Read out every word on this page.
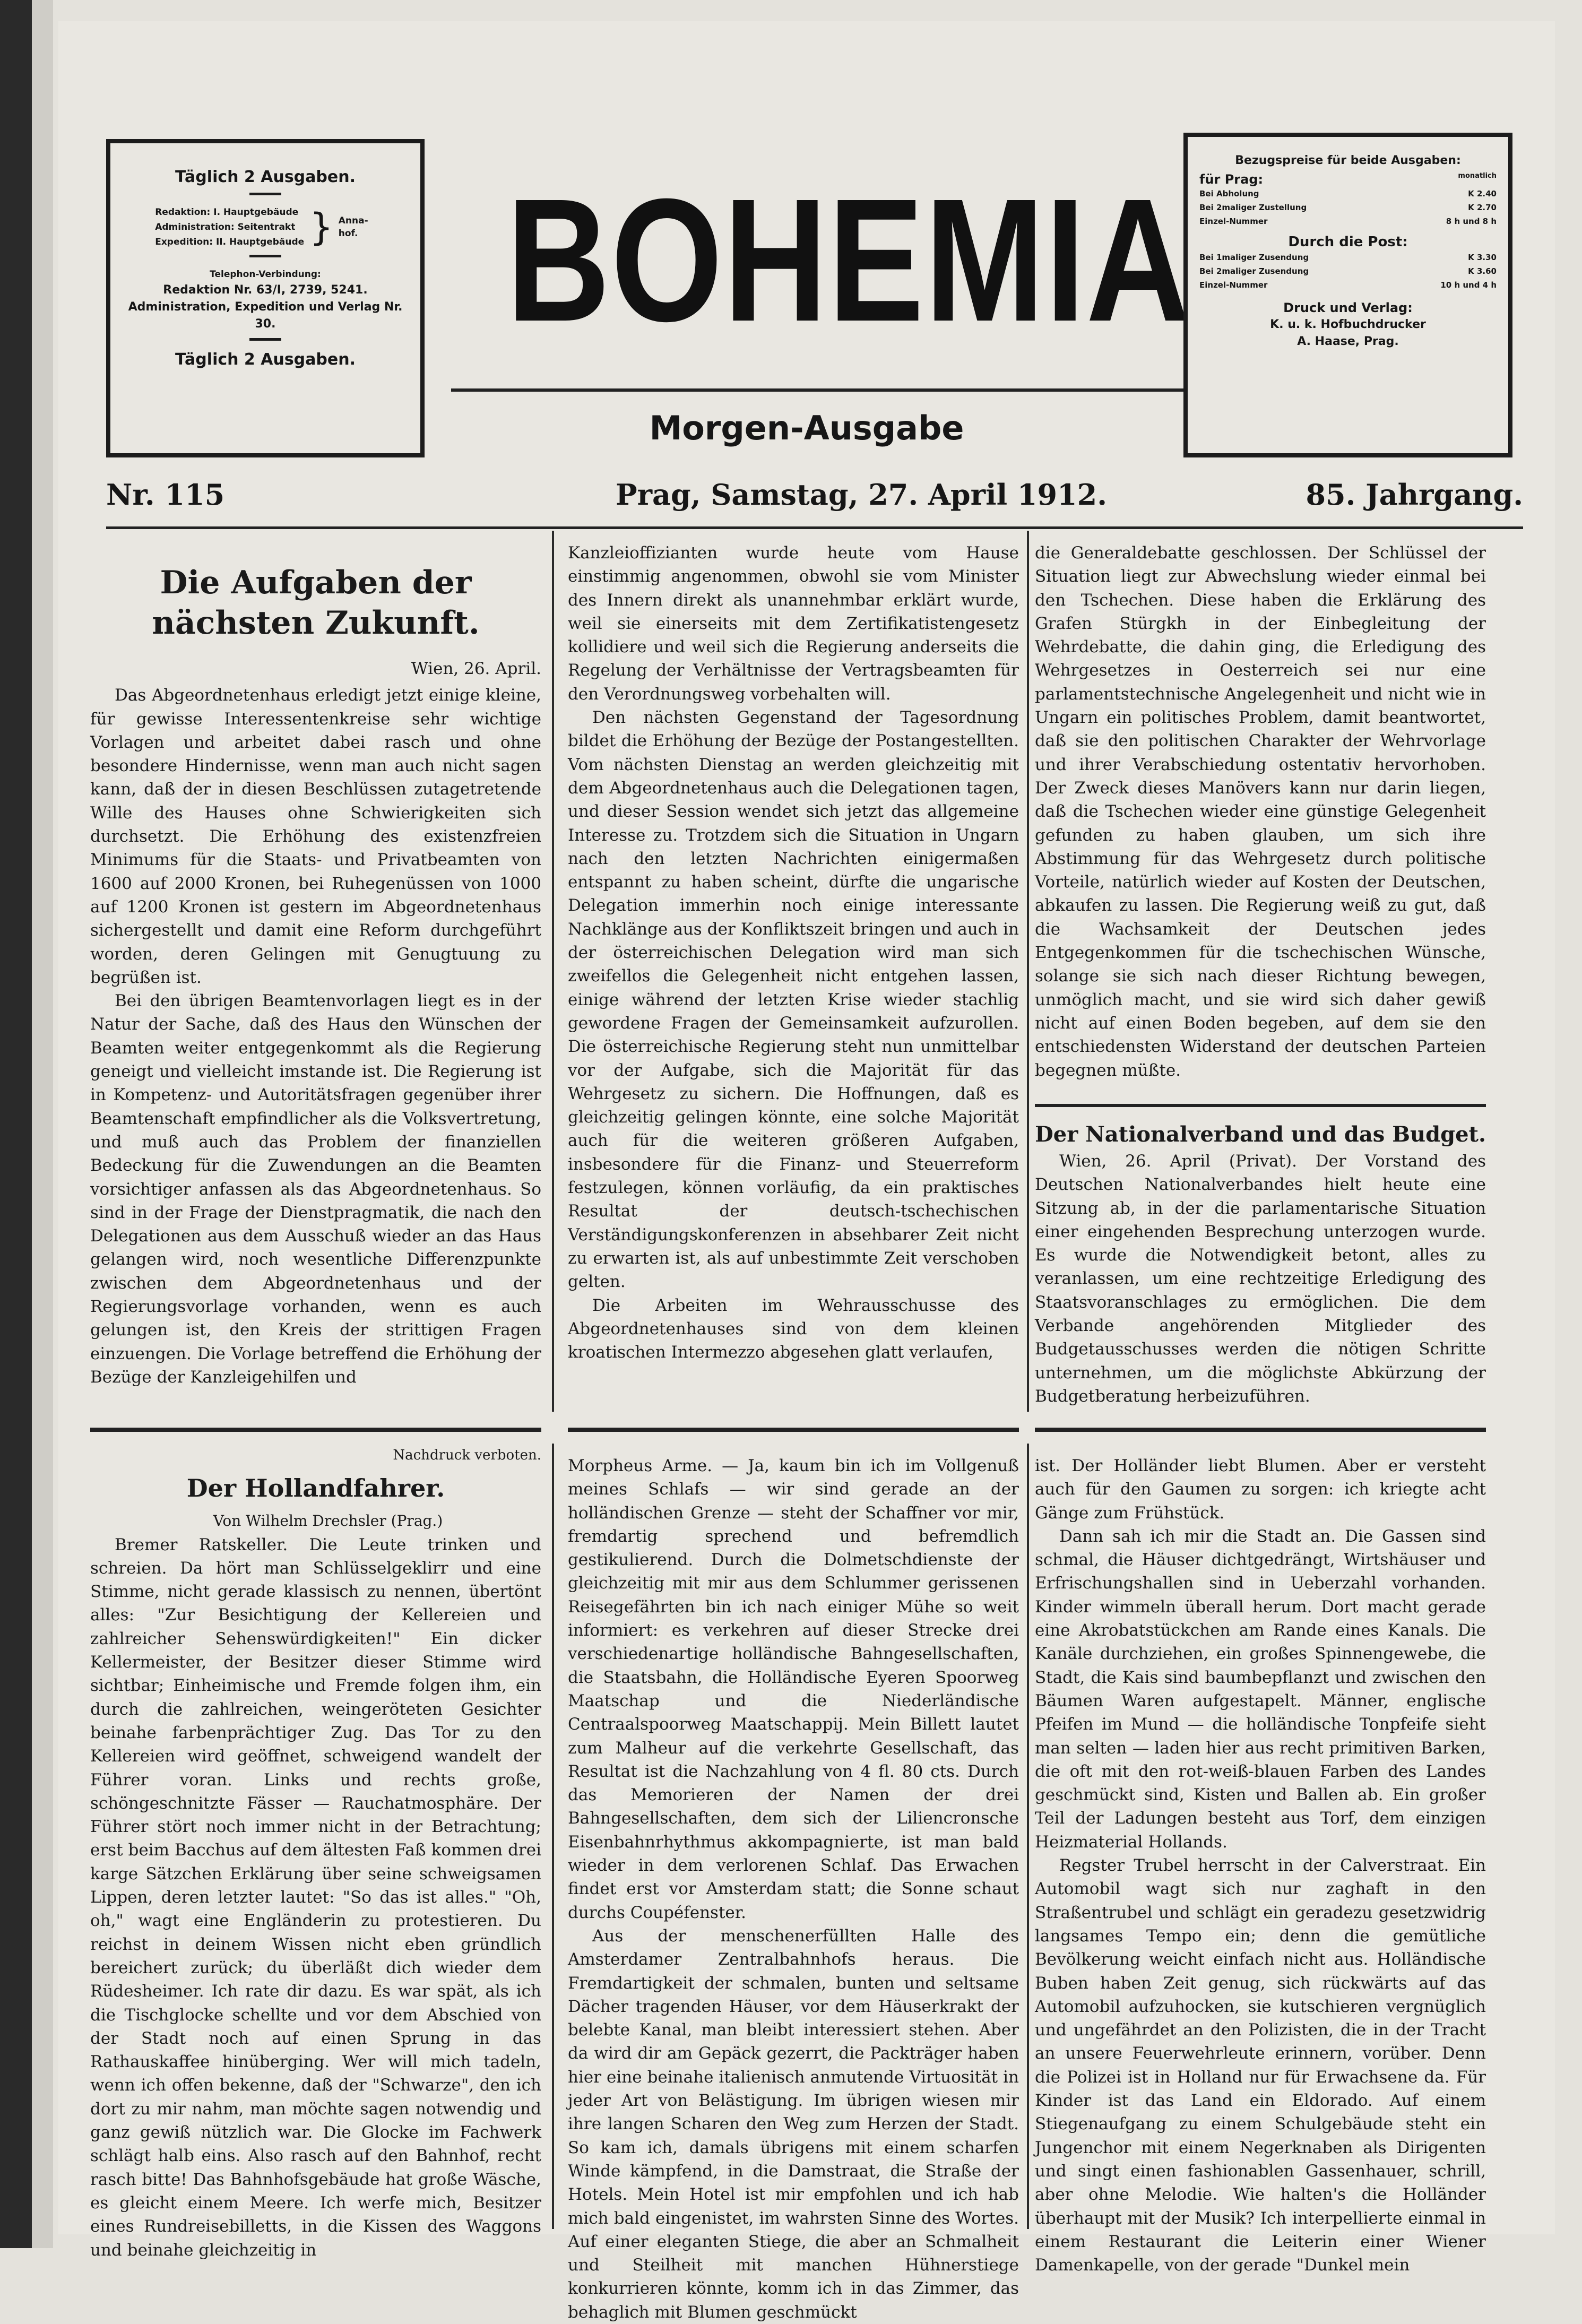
Täglich 2 Ausgaben.
Redaktion: I. Hauptgebäude
Administration: Seitentrakt
Expedition: II. Hauptgebäude } Anna-hof.
Telephon-Verbindung:
Redaktion Nr. 63/I, 2739, 5241.
Administration, Expedition und Verlag Nr. 30.
Täglich 2 Ausgaben.
BOHEMIA
Morgen-Ausgabe
Bezugspreise für beide Ausgaben:
für Prag:	monatlich
Bei Abholung	K 2.40
Bei 2maliger Zustellung	K 2.70
Einzel-Nummer	8 h und 8 h
Durch die Post:
Bei 1maliger Zusendung	K 3.30
Bei 2maliger Zusendung	K 3.60
Einzel-Nummer	10 h und 4 h
Druck und Verlag:
K. u. k. Hofbuchdrucker
A. Haase, Prag.
Nr. 115	Prag, Samstag, 27. April 1912.	85. Jahrgang.
Die Aufgaben der nächsten Zukunft.

Wien, 26. April.

Das Abgeordnetenhaus erledigt jetzt einige kleine, für gewisse Interessentenkreise sehr wichtige Vorlagen und arbeitet dabei rasch und ohne besondere Hindernisse, wenn man auch nicht sagen kann, daß der in diesen Beschlüssen zutagetretende Wille des Hauses ohne Schwierigkeiten sich durchsetzt. Die Erhöhung des existenzfreien Minimums für die Staats- und Privatbeamten von 1600 auf 2000 Kronen, bei Ruhegenüssen von 1000 auf 1200 Kronen ist gestern im Abgeordnetenhaus sichergestellt und damit eine Reform durchgeführt worden, deren Gelingen mit Genugtuung zu begrüßen ist.

Bei den übrigen Beamtenvorlagen liegt es in der Natur der Sache, daß des Haus den Wünschen der Beamten weiter entgegenkommt als die Regierung geneigt und vielleicht imstande ist. Die Regierung ist in Kompetenz- und Autoritätsfragen gegenüber ihrer Beamtenschaft empfindlicher als die Volksvertretung, und muß auch das Problem der finanziellen Bedeckung für die Zuwendungen an die Beamten vorsichtiger anfassen als das Abgeordnetenhaus. So sind in der Frage der Dienstpragmatik, die nach den Delegationen aus dem Ausschuß wieder an das Haus gelangen wird, noch wesentliche Differenzpunkte zwischen dem Abgeordnetenhaus und der Regierungsvorlage vorhanden, wenn es auch gelungen ist, den Kreis der strittigen Fragen einzuengen. Die Vorlage betreffend die Erhöhung der Bezüge der Kanzleigehilfen und

Kanzleioffizianten wurde heute vom Hause einstimmig angenommen, obwohl sie vom Minister des Innern direkt als unannehmbar erklärt wurde, weil sie einerseits mit dem Zertifikatistengesetz kollidiere und weil sich die Regierung anderseits die Regelung der Verhältnisse der Vertragsbeamten für den Verordnungsweg vorbehalten will.

Den nächsten Gegenstand der Tagesordnung bildet die Erhöhung der Bezüge der Postangestellten. Vom nächsten Dienstag an werden gleichzeitig mit dem Abgeordnetenhaus auch die Delegationen tagen, und dieser Session wendet sich jetzt das allgemeine Interesse zu. Trotzdem sich die Situation in Ungarn nach den letzten Nachrichten einigermaßen entspannt zu haben scheint, dürfte die ungarische Delegation immerhin noch einige interessante Nachklänge aus der Konfliktszeit bringen und auch in der österreichischen Delegation wird man sich zweifellos die Gelegenheit nicht entgehen lassen, einige während der letzten Krise wieder stachlig gewordene Fragen der Gemeinsamkeit aufzurollen. Die österreichische Regierung steht nun unmittelbar vor der Aufgabe, sich die Majorität für das Wehrgesetz zu sichern. Die Hoffnungen, daß es gleichzeitig gelingen könnte, eine solche Majorität auch für die weiteren größeren Aufgaben, insbesondere für die Finanz- und Steuerreform festzulegen, können vorläufig, da ein praktisches Resultat der deutsch-tschechischen Verständigungskonferenzen in absehbarer Zeit nicht zu erwarten ist, als auf unbestimmte Zeit verschoben gelten.

Die Arbeiten im Wehrausschusse des Abgeordnetenhauses sind von dem kleinen kroatischen Intermezzo abgesehen glatt verlaufen,

die Generaldebatte geschlossen. Der Schlüssel der Situation liegt zur Abwechslung wieder einmal bei den Tschechen. Diese haben die Erklärung des Grafen Stürgkh in der Einbegleitung der Wehrdebatte, die dahin ging, die Erledigung des Wehrgesetzes in Oesterreich sei nur eine parlamentstechnische Angelegenheit und nicht wie in Ungarn ein politisches Problem, damit beantwortet, daß sie den politischen Charakter der Wehrvorlage und ihrer Verabschiedung ostentativ hervorhoben. Der Zweck dieses Manövers kann nur darin liegen, daß die Tschechen wieder eine günstige Gelegenheit gefunden zu haben glauben, um sich ihre Abstimmung für das Wehrgesetz durch politische Vorteile, natürlich wieder auf Kosten der Deutschen, abkaufen zu lassen. Die Regierung weiß zu gut, daß die Wachsamkeit der Deutschen jedes Entgegenkommen für die tschechischen Wünsche, solange sie sich nach dieser Richtung bewegen, unmöglich macht, und sie wird sich daher gewiß nicht auf einen Boden begeben, auf dem sie den entschiedensten Widerstand der deutschen Parteien begegnen müßte.

Der Nationalverband und das Budget.

Wien, 26. April (Privat). Der Vorstand des Deutschen Nationalverbandes hielt heute eine Sitzung ab, in der die parlamentarische Situation einer eingehenden Besprechung unterzogen wurde. Es wurde die Notwendigkeit betont, alles zu veranlassen, um eine rechtzeitige Erledigung des Staatsvoranschlages zu ermöglichen. Die dem Verbande angehörenden Mitglieder des Budgetausschusses werden die nötigen Schritte unternehmen, um die möglichste Abkürzung der Budgetberatung herbeizuführen.

Nachdruck verboten.

Der Hollandfahrer.

Von Wilhelm Drechsler (Prag.)

Bremer Ratskeller. Die Leute trinken und schreien. Da hört man Schlüsselgeklirr und eine Stimme, nicht gerade klassisch zu nennen, übertönt alles: "Zur Besichtigung der Kellereien und zahlreicher Sehenswürdigkeiten!" Ein dicker Kellermeister, der Besitzer dieser Stimme wird sichtbar; Einheimische und Fremde folgen ihm, ein durch die zahlreichen, weingeröteten Gesichter beinahe farbenprächtiger Zug. Das Tor zu den Kellereien wird geöffnet, schweigend wandelt der Führer voran. Links und rechts große, schöngeschnitzte Fässer — Rauchatmosphäre. Der Führer stört noch immer nicht in der Betrachtung; erst beim Bacchus auf dem ältesten Faß kommen drei karge Sätzchen Erklärung über seine schweigsamen Lippen, deren letzter lautet: "So das ist alles." "Oh, oh," wagt eine Engländerin zu protestieren. Du reichst in deinem Wissen nicht eben gründlich bereichert zurück; du überläßt dich wieder dem Rüdesheimer. Ich rate dir dazu. Es war spät, als ich die Tischglocke schellte und vor dem Abschied von der Stadt noch auf einen Sprung in das Rathauskaffee hinüberging. Wer will mich tadeln, wenn ich offen bekenne, daß der "Schwarze", den ich dort zu mir nahm, man möchte sagen notwendig und ganz gewiß nützlich war. Die Glocke im Fachwerk schlägt halb eins. Also rasch auf den Bahnhof, recht rasch bitte! Das Bahnhofsgebäude hat große Wäsche, es gleicht einem Meere. Ich werfe mich, Besitzer eines Rundreisebilletts, in die Kissen des Waggons und beinahe gleichzeitig in

Morpheus Arme. — Ja, kaum bin ich im Vollgenuß meines Schlafs — wir sind gerade an der holländischen Grenze — steht der Schaffner vor mir, fremdartig sprechend und befremdlich gestikulierend. Durch die Dolmetschdienste der gleichzeitig mit mir aus dem Schlummer gerissenen Reisegefährten bin ich nach einiger Mühe so weit informiert: es verkehren auf dieser Strecke drei verschiedenartige holländische Bahngesellschaften, die Staatsbahn, die Holländische Eyeren Spoorweg Maatschap und die Niederländische Centraalspoorweg Maatschappij. Mein Billett lautet zum Malheur auf die verkehrte Gesellschaft, das Resultat ist die Nachzahlung von 4 fl. 80 cts. Durch das Memorieren der Namen der drei Bahngesellschaften, dem sich der Liliencronsche Eisenbahnrhythmus akkompagnierte, ist man bald wieder in dem verlorenen Schlaf. Das Erwachen findet erst vor Amsterdam statt; die Sonne schaut durchs Coupéfenster.

Aus der menschenerfüllten Halle des Amsterdamer Zentralbahnhofs heraus. Die Fremdartigkeit der schmalen, bunten und seltsame Dächer tragenden Häuser, vor dem Häuserkrakt der belebte Kanal, man bleibt interessiert stehen. Aber da wird dir am Gepäck gezerrt, die Packträger haben hier eine beinahe italienisch anmutende Virtuosität in jeder Art von Belästigung. Im übrigen wiesen mir ihre langen Scharen den Weg zum Herzen der Stadt. So kam ich, damals übrigens mit einem scharfen Winde kämpfend, in die Damstraat, die Straße der Hotels. Mein Hotel ist mir empfohlen und ich hab mich bald eingenistet, im wahrsten Sinne des Wortes. Auf einer eleganten Stiege, die aber an Schmalheit und Steilheit mit manchen Hühnerstiege konkurrieren könnte, komm ich in das Zimmer, das behaglich mit Blumen geschmückt

ist. Der Holländer liebt Blumen. Aber er versteht auch für den Gaumen zu sorgen: ich kriegte acht Gänge zum Frühstück.

Dann sah ich mir die Stadt an. Die Gassen sind schmal, die Häuser dichtgedrängt, Wirtshäuser und Erfrischungshallen sind in Ueberzahl vorhanden. Kinder wimmeln überall herum. Dort macht gerade eine Akrobatstückchen am Rande eines Kanals. Die Kanäle durchziehen, ein großes Spinnengewebe, die Stadt, die Kais sind baumbepflanzt und zwischen den Bäumen Waren aufgestapelt. Männer, englische Pfeifen im Mund — die holländische Tonpfeife sieht man selten — laden hier aus recht primitiven Barken, die oft mit den rot-weiß-blauen Farben des Landes geschmückt sind, Kisten und Ballen ab. Ein großer Teil der Ladungen besteht aus Torf, dem einzigen Heizmaterial Hollands.

Regster Trubel herrscht in der Calverstraat. Ein Automobil wagt sich nur zaghaft in den Straßentrubel und schlägt ein geradezu gesetzwidrig langsames Tempo ein; denn die gemütliche Bevölkerung weicht einfach nicht aus. Holländische Buben haben Zeit genug, sich rückwärts auf das Automobil aufzuhocken, sie kutschieren vergnüglich und ungefährdet an den Polizisten, die in der Tracht an unsere Feuerwehrleute erinnern, vorüber. Denn die Polizei ist in Holland nur für Erwachsene da. Für Kinder ist das Land ein Eldorado. Auf einem Stiegenaufgang zu einem Schulgebäude steht ein Jungenchor mit einem Negerknaben als Dirigenten und singt einen fashionablen Gassenhauer, schrill, aber ohne Melodie. Wie halten's die Holländer überhaupt mit der Musik? Ich interpellierte einmal in einem Restaurant die Leiterin einer Wiener Damenkapelle, von der gerade "Dunkel mein
